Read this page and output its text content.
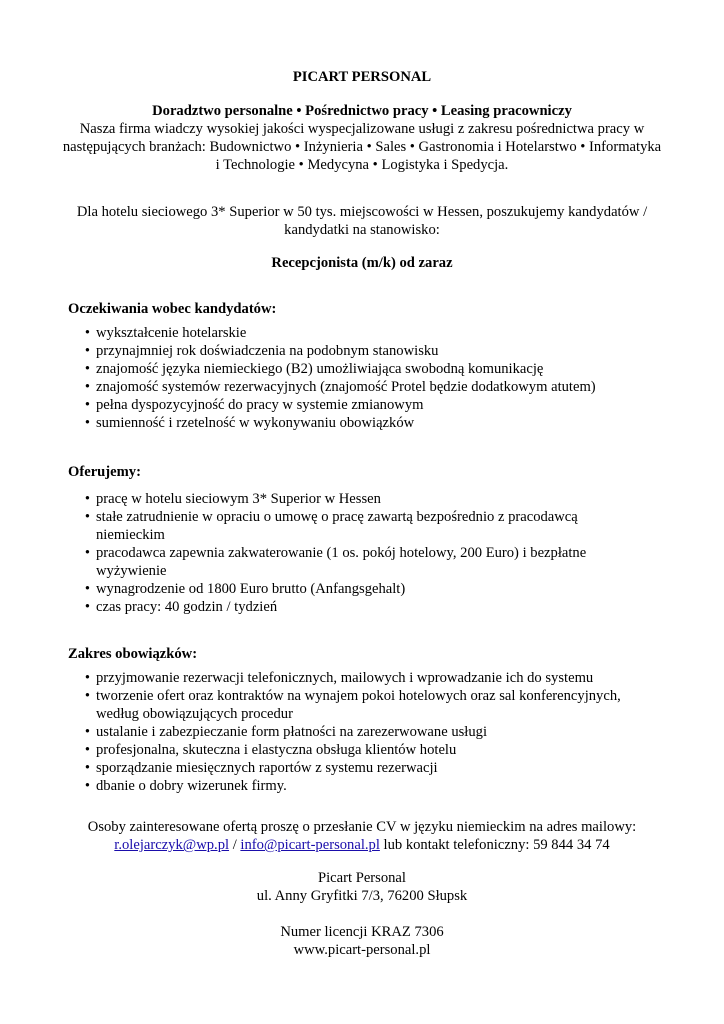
PICART PERSONAL
Doradztwo personalne • Pośrednictwo pracy • Leasing pracowniczy
Nasza firma wiadczy wysokiej jakości wyspecjalizowane usługi z zakresu pośrednictwa pracy w następujących branżach: Budownictwo • Inżynieria • Sales • Gastronomia i Hotelarstwo • Informatyka i Technologie • Medycyna • Logistyka i Spedycja.
Dla hotelu sieciowego 3* Superior w 50 tys. miejscowości w Hessen, poszukujemy kandydatów / kandydatki na stanowisko:
Recepcjonista (m/k) od zaraz
Oczekiwania wobec kandydatów:
• wykształcenie hotelarskie
• przynajmniej rok doświadczenia na podobnym stanowisku
• znajomość języka niemieckiego (B2) umożliwiająca swobodną komunikację
• znajomość systemów rezerwacyjnych (znajomość Protel będzie dodatkowym atutem)
• pełna dyspozycyjność do pracy w systemie zmianowym
• sumienność i rzetelność w wykonywaniu obowiązków
Oferujemy:
• pracę w hotelu sieciowym 3* Superior w Hessen
• stałe zatrudnienie w opraciu o umowę o pracę zawartą bezpośrednio z pracodawcą niemieckim
• pracodawca zapewnia zakwaterowanie (1 os. pokój hotelowy, 200 Euro) i bezpłatne wyżywienie
• wynagrodzenie od 1800 Euro brutto (Anfangsgehalt)
• czas pracy: 40 godzin / tydzień
Zakres obowiązków:
• przyjmowanie rezerwacji telefonicznych, mailowych i wprowadzanie ich do systemu
• tworzenie ofert oraz kontraktów na wynajem pokoi hotelowych oraz sal konferencyjnych, według obowiązujących procedur
• ustalanie i zabezpieczanie form płatności na zarezerwowane usługi
• profesjonalna, skuteczna i elastyczna obsługa klientów hotelu
• sporządzanie miesięcznych raportów z systemu rezerwacji
• dbanie o dobry wizerunek firmy.
Osoby zainteresowane ofertą proszę o przesłanie CV w języku niemieckim na adres mailowy:
r.olejarczyk@wp.pl / info@picart-personal.pl lub kontakt telefoniczny: 59 844 34 74
Picart Personal
ul. Anny Gryfitki 7/3, 76200 Słupsk
Numer licencji KRAZ 7306
www.picart-personal.pl
